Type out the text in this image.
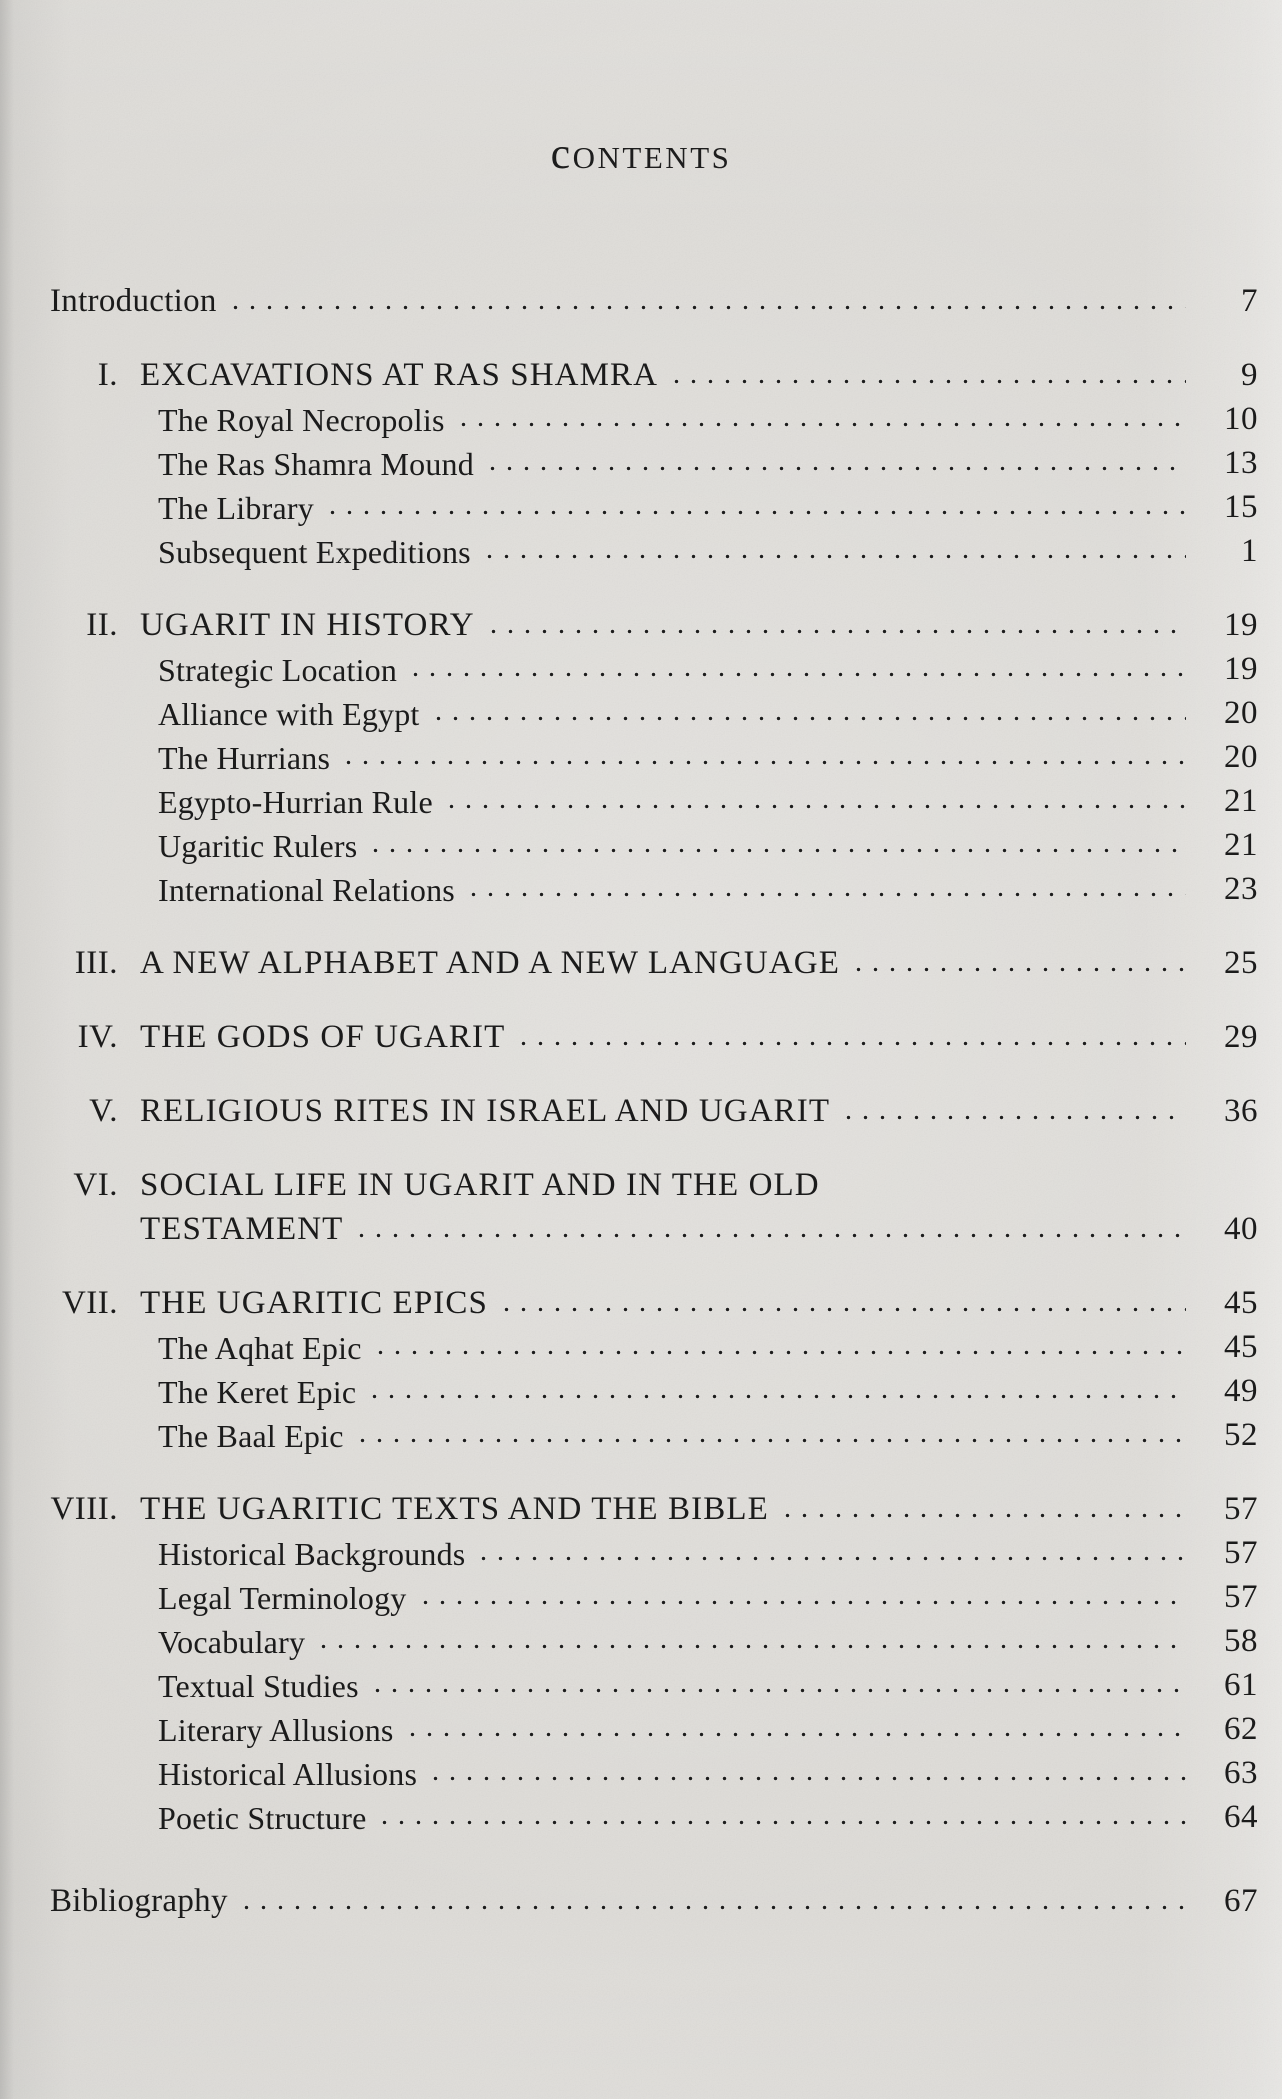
contents
Introduction	7
I. EXCAVATIONS AT RAS SHAMRA	9
The Royal Necropolis	10
The Ras Shamra Mound	13
The Library	15
Subsequent Expeditions	1
II. UGARIT IN HISTORY	19
Strategic Location	19
Alliance with Egypt	20
The Hurrians	20
Egypto-Hurrian Rule	21
Ugaritic Rulers	21
International Relations	23
III. A NEW ALPHABET AND A NEW LANGUAGE	25
IV. THE GODS OF UGARIT	29
V. RELIGIOUS RITES IN ISRAEL AND UGARIT	36
VI. SOCIAL LIFE IN UGARIT AND IN THE OLD
TESTAMENT	40
VII. THE UGARITIC EPICS	45
The Aqhat Epic	45
The Keret Epic	49
The Baal Epic	52
VIII. THE UGARITIC TEXTS AND THE BIBLE	57
Historical Backgrounds	57
Legal Terminology	57
Vocabulary	58
Textual Studies	61
Literary Allusions	62
Historical Allusions	63
Poetic Structure	64
Bibliography	67
